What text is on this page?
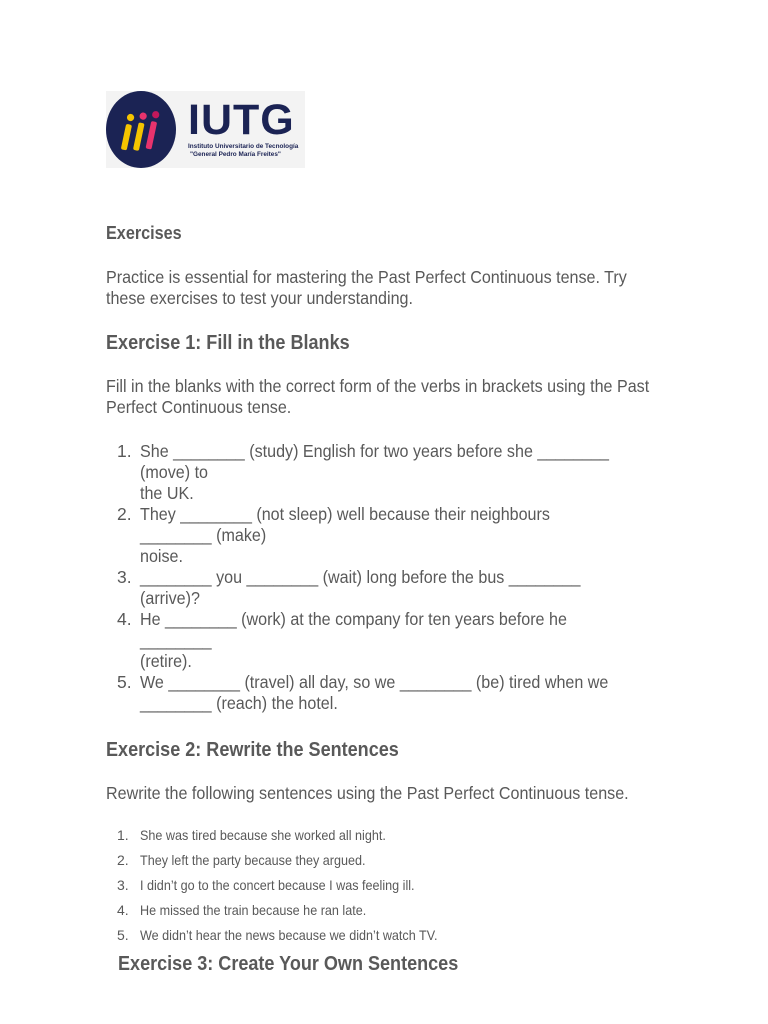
IUTG
Instituto Universitario de Tecnología
"General Pedro María Freites"

Exercises

Practice is essential for mastering the Past Perfect Continuous tense. Try these exercises to test your understanding.

Exercise 1: Fill in the Blanks

Fill in the blanks with the correct form of the verbs in brackets using the Past Perfect Continuous tense.

1. She ________ (study) English for two years before she ________ (move) to
the UK.
2. They ________ (not sleep) well because their neighbours ________ (make)
noise.
3. ________ you ________ (wait) long before the bus ________ (arrive)?
4. He ________ (work) at the company for ten years before he ________
(retire).
5. We ________ (travel) all day, so we ________ (be) tired when we
________ (reach) the hotel.

Exercise 2: Rewrite the Sentences

Rewrite the following sentences using the Past Perfect Continuous tense.

1. She was tired because she worked all night.
2. They left the party because they argued.
3. I didn’t go to the concert because I was feeling ill.
4. He missed the train because he ran late.
5. We didn’t hear the news because we didn’t watch TV.

Exercise 3: Create Your Own Sentences
